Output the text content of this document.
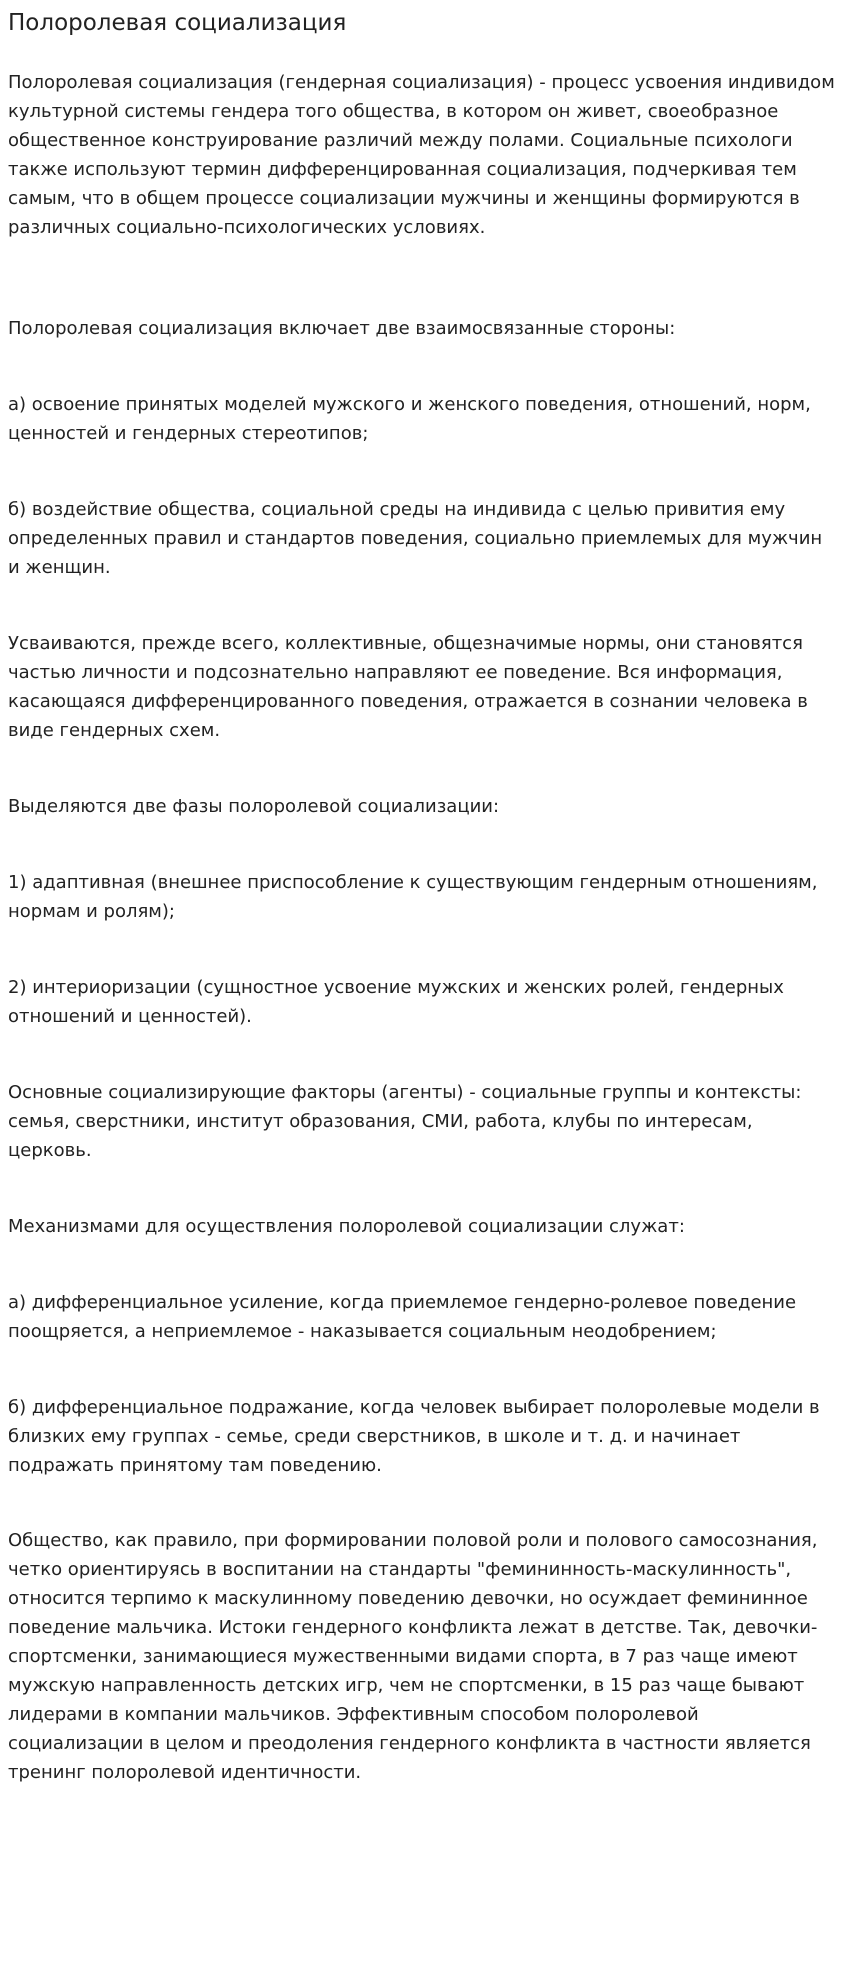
Полоролевая социализация

Полоролевая социализация (гендерная социализация) - процесс усвоения индивидом культурной системы гендера того общества, в котором он живет, своеобразное общественное конструирование различий между полами. Социальные психологи также используют термин дифференцированная социализация, подчеркивая тем самым, что в общем процессе социализации мужчины и женщины формируются в различных социально-психологических условиях.

Полоролевая социализация включает две взаимосвязанные стороны:

а) освоение принятых моделей мужского и женского поведения, отношений, норм, ценностей и гендерных стереотипов;

б) воздействие общества, социальной среды на индивида с целью привития ему определенных правил и стандартов поведения, социально приемлемых для мужчин и женщин.

Усваиваются, прежде всего, коллективные, общезначимые нормы, они становятся частью личности и подсознательно направляют ее поведение. Вся информация, касающаяся дифференцированного поведения, отражается в сознании человека в виде гендерных схем.

Выделяются две фазы полоролевой социализации:

1) адаптивная (внешнее приспособление к существующим гендерным отношениям, нормам и ролям);

2) интериоризации (сущностное усвоение мужских и женских ролей, гендерных отношений и ценностей).

Основные социализирующие факторы (агенты) - социальные группы и контексты: семья, сверстники, институт образования, СМИ, работа, клубы по интересам, церковь.

Механизмами для осуществления полоролевой социализации служат:

а) дифференциальное усиление, когда приемлемое гендерно-ролевое поведение поощряется, а неприемлемое - наказывается социальным неодобрением;

б) дифференциальное подражание, когда человек выбирает полоролевые модели в близких ему группах - семье, среди сверстников, в школе и т. д. и начинает подражать принятому там поведению.

Общество, как правило, при формировании половой роли и полового самосознания, четко ориентируясь в воспитании на стандарты "фемининность-маскулинность", относится терпимо к маскулинному поведению девочки, но осуждает фемининное поведение мальчика. Истоки гендерного конфликта лежат в детстве. Так, девочки-спортсменки, занимающиеся мужественными видами спорта, в 7 раз чаще имеют мужскую направленность детских игр, чем не спортсменки, в 15 раз чаще бывают лидерами в компании мальчиков. Эффективным способом полоролевой социализации в целом и преодоления гендерного конфликта в частности является тренинг полоролевой идентичности.
